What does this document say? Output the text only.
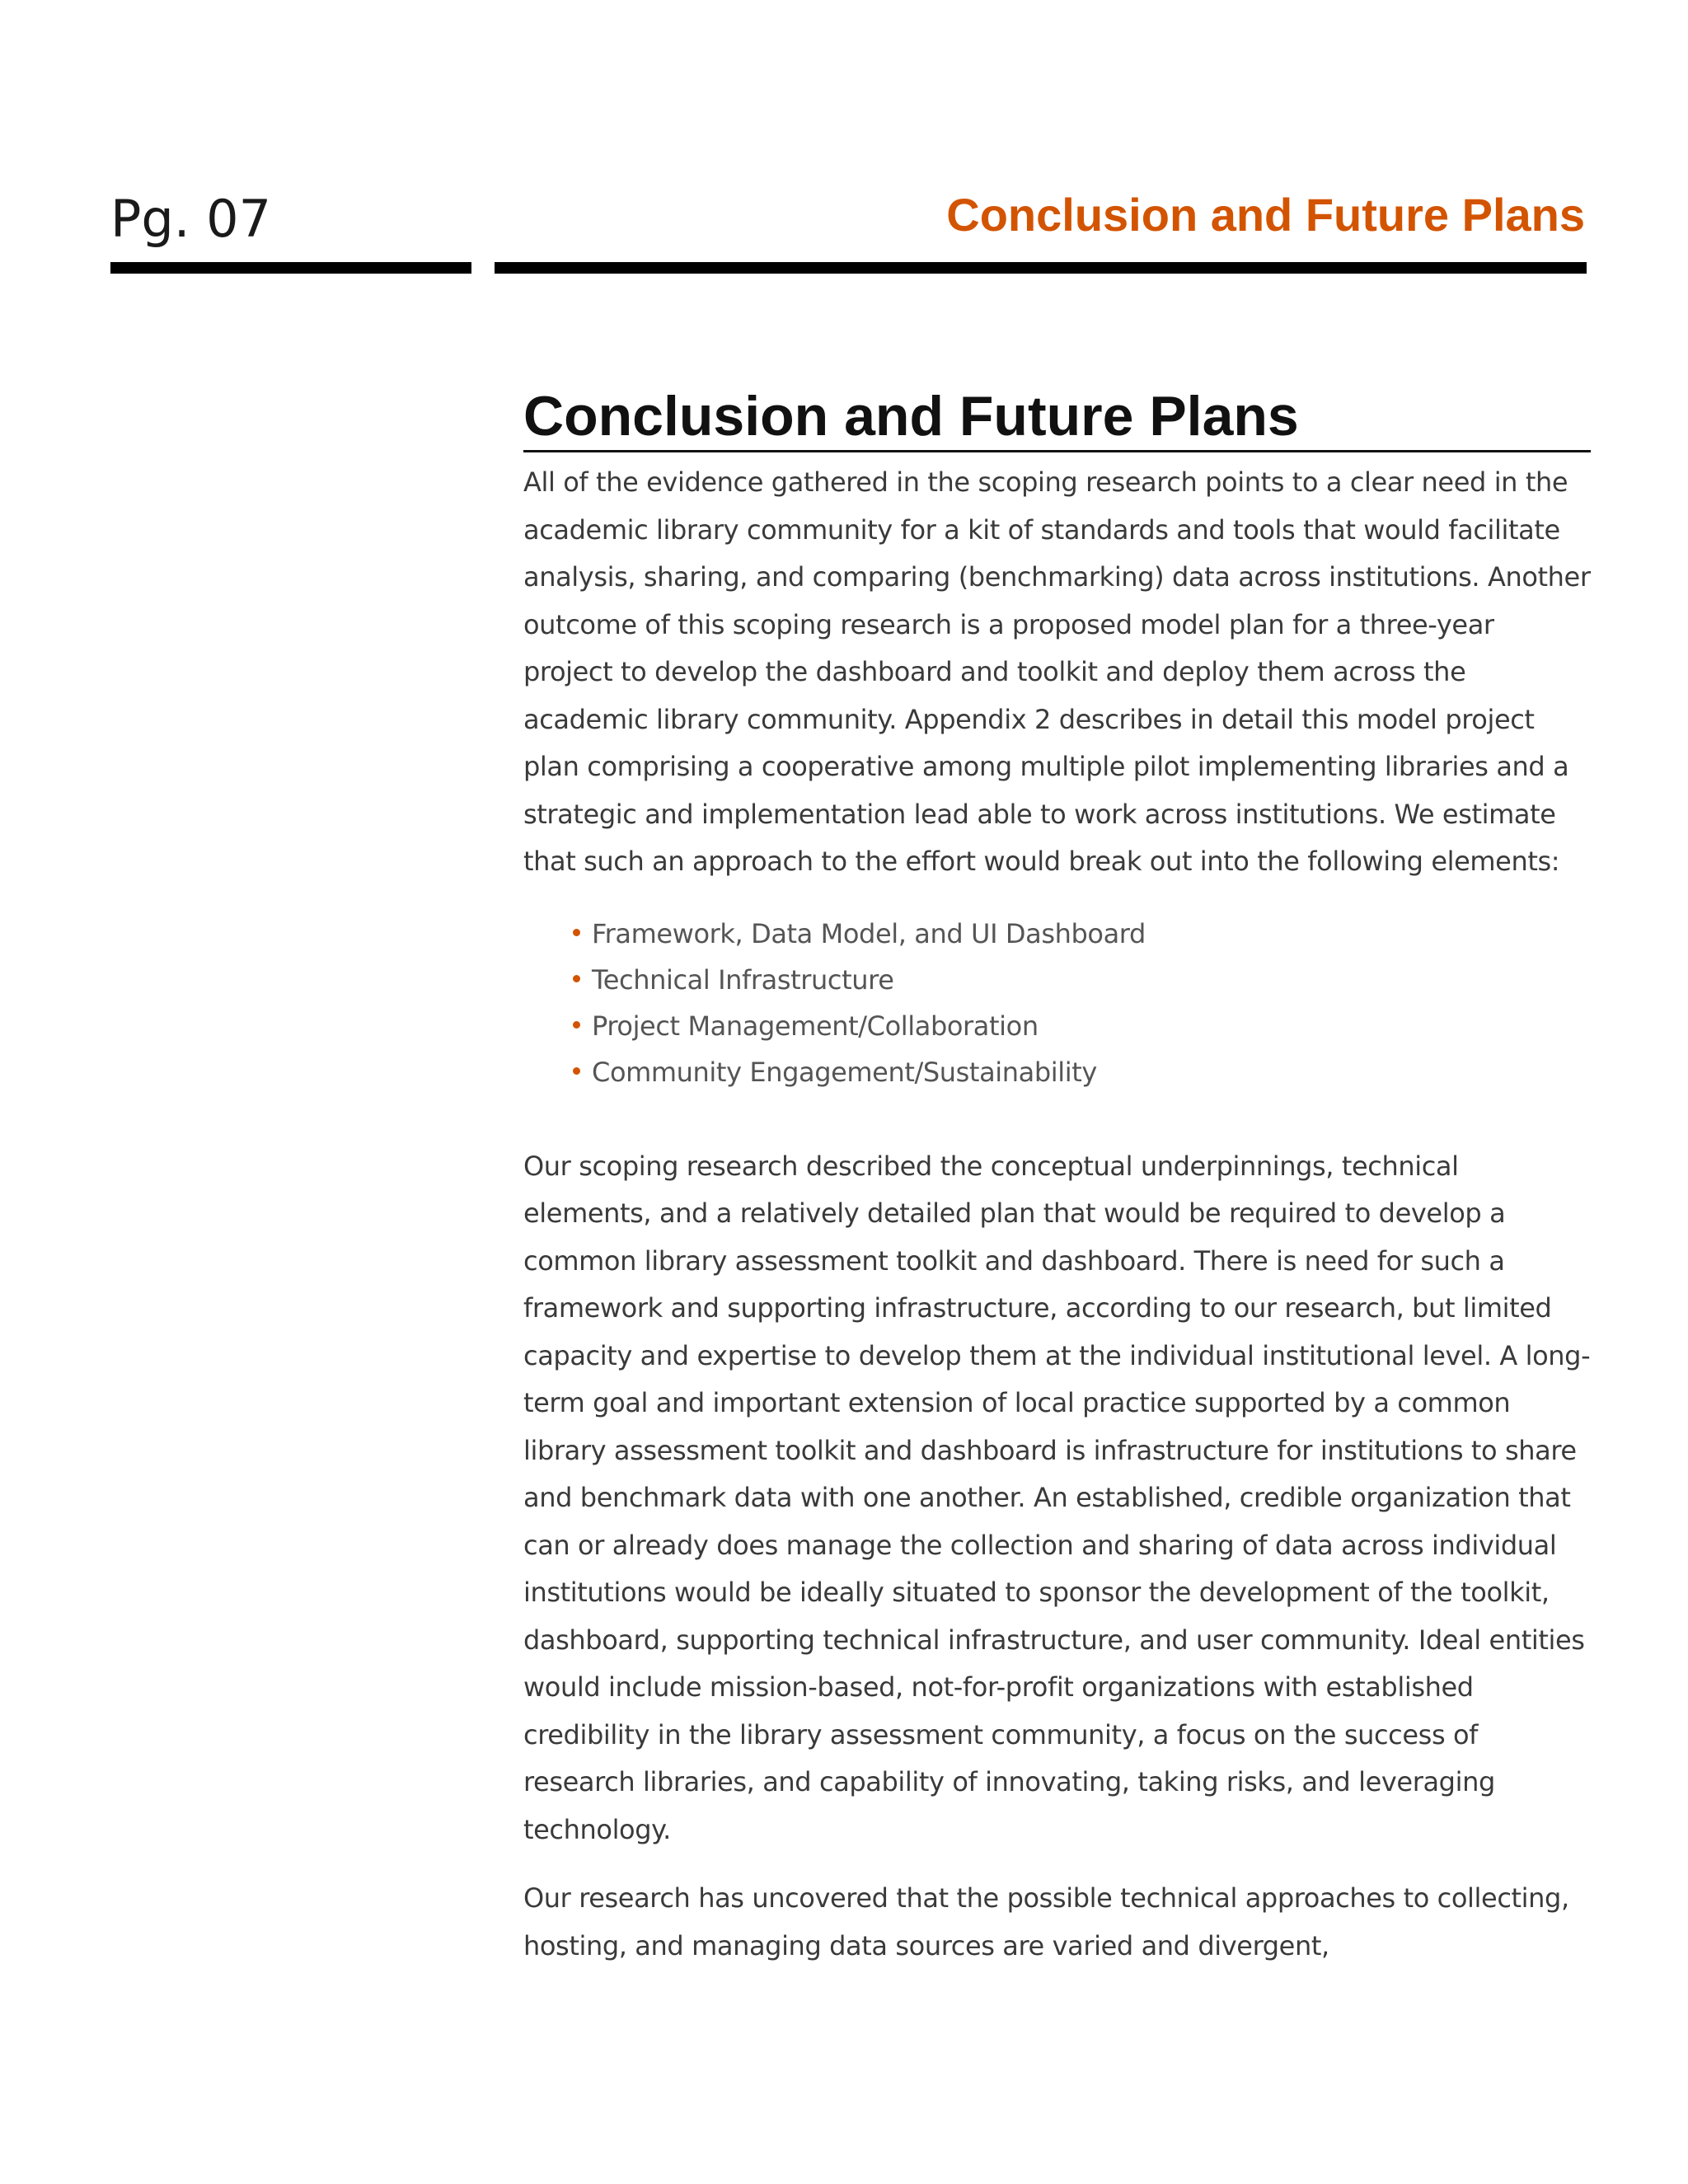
Pg. 07	Conclusion and Future Plans
Conclusion and Future Plans

All of the evidence gathered in the scoping research points to a clear need in the academic library community for a kit of standards and tools that would facilitate analysis, sharing, and comparing (benchmarking) data across institutions. Another outcome of this scoping research is a proposed model plan for a three-year project to develop the dashboard and toolkit and deploy them across the academic library community. Appendix 2 describes in detail this model project plan comprising a cooperative among multiple pilot implementing libraries and a strategic and implementation lead able to work across institutions. We estimate that such an approach to the effort would break out into the following elements:

Framework, Data Model, and UI Dashboard
Technical Infrastructure
Project Management/Collaboration
Community Engagement/Sustainability

Our scoping research described the conceptual underpinnings, technical elements, and a relatively detailed plan that would be required to develop a common library assessment toolkit and dashboard. There is need for such a framework and supporting infrastructure, according to our research, but limited capacity and expertise to develop them at the individual institutional level. A long-term goal and important extension of local practice supported by a common library assessment toolkit and dashboard is infrastructure for institutions to share and benchmark data with one another. An established, credible organization that can or already does manage the collection and sharing of data across individual institutions would be ideally situated to sponsor the development of the toolkit, dashboard, supporting technical infrastructure, and user community. Ideal entities would include mission-based, not-for-profit organizations with established credibility in the library assessment community, a focus on the success of research libraries, and capability of innovating, taking risks, and leveraging technology.

Our research has uncovered that the possible technical approaches to collecting, hosting, and managing data sources are varied and divergent,
